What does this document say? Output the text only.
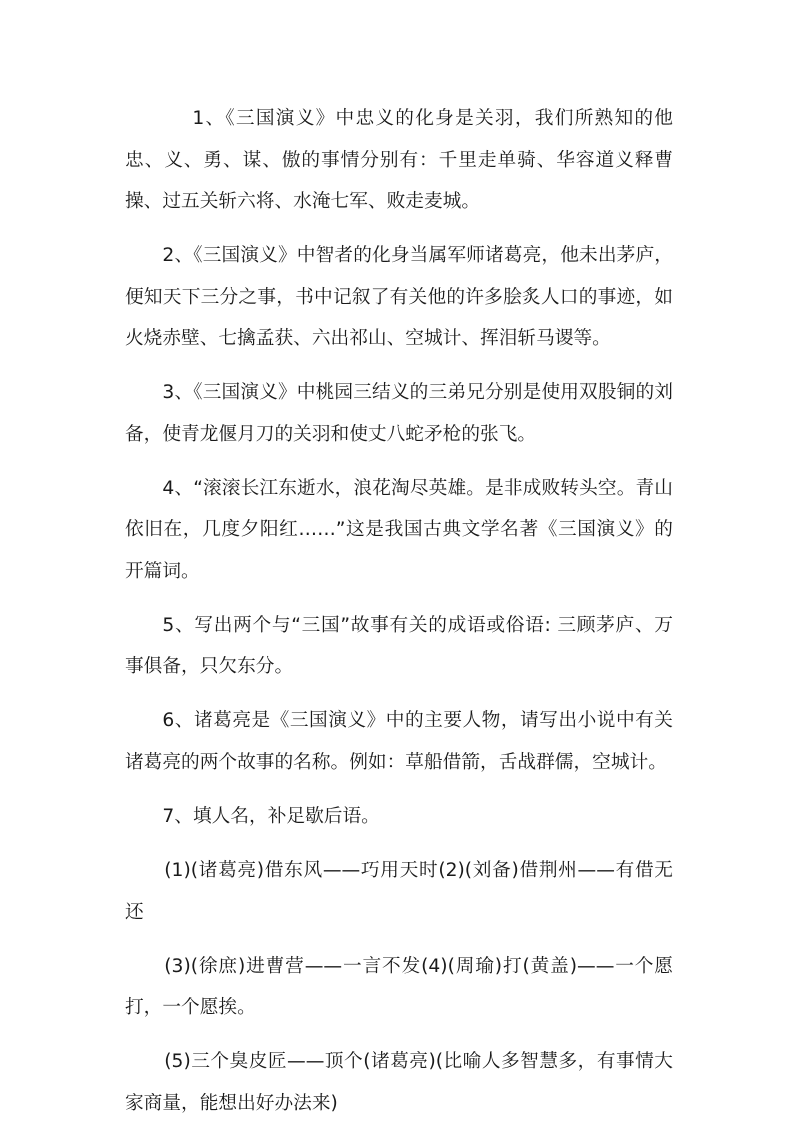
1、《三国演义》中忠义的化身是关羽，我们所熟知的他忠、义、勇、谋、傲的事情分别有：千里走单骑、华容道义释曹操、过五关斩六将、水淹七军、败走麦城。

2、《三国演义》中智者的化身当属军师诸葛亮，他未出茅庐，便知天下三分之事，书中记叙了有关他的许多脍炙人口的事迹，如火烧赤壁、七擒孟获、六出祁山、空城计、挥泪斩马谡等。

3、《三国演义》中桃园三结义的三弟兄分别是使用双股铜的刘备，使青龙偃月刀的关羽和使丈八蛇矛枪的张飞。

4、“滚滚长江东逝水，浪花淘尽英雄。是非成败转头空。青山依旧在，几度夕阳红……”这是我国古典文学名著《三国演义》的开篇词。

5、写出两个与“三国”故事有关的成语或俗语: 三顾茅庐、万事俱备，只欠东分。

6、诸葛亮是《三国演义》中的主要人物，请写出小说中有关诸葛亮的两个故事的名称。例如：草船借箭，舌战群儒，空城计。

7、填人名，补足歇后语。

(1)(诸葛亮)借东风——巧用天时(2)(刘备)借荆州——有借无还

(3)(徐庶)进曹营——一言不发(4)(周瑜)打(黄盖)——一个愿打，一个愿挨。

(5)三个臭皮匠——顶个(诸葛亮)(比喻人多智慧多，有事情大家商量，能想出好办法来)
